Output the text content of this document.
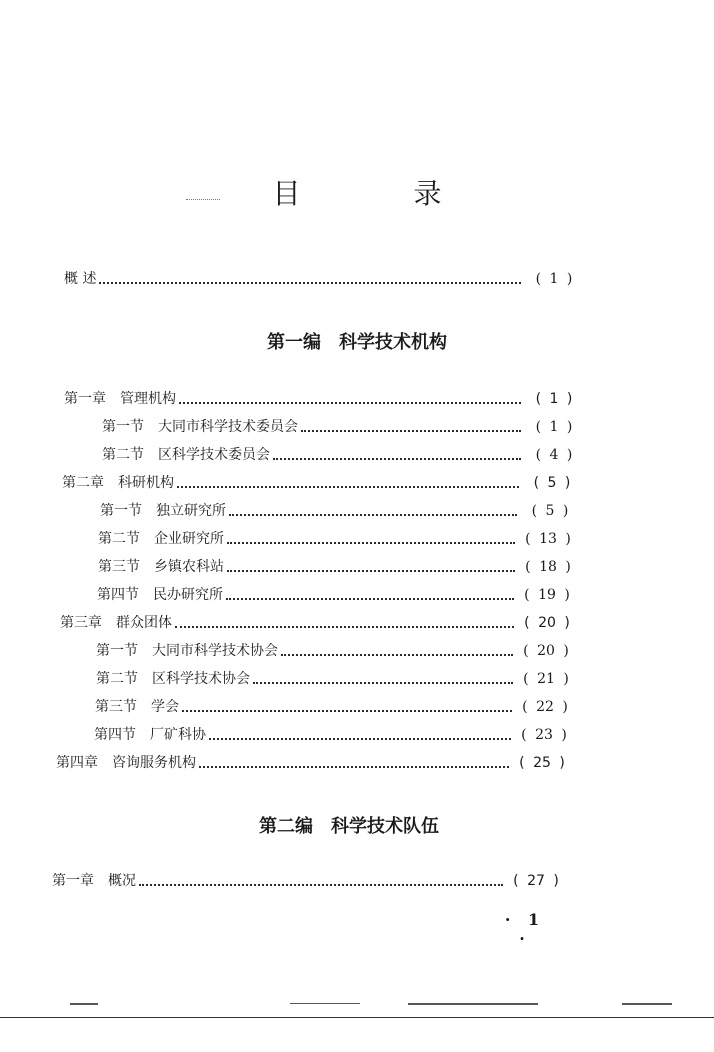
目 录
概 述	( 1 )
第一编 科学技术机构
第一章 管理机构	( 1 )
第一节 大同市科学技术委员会	( 1 )
第二节 区科学技术委员会	( 4 )
第二章 科研机构	( 5 )
第一节 独立研究所	( 5 )
第二节 企业研究所	( 13 )
第三节 乡镇农科站	( 18 )
第四节 民办研究所	( 19 )
第三章 群众团体	( 20 )
第一节 大同市科学技术协会	( 20 )
第二节 区科学技术协会	( 21 )
第三节 学会	( 22 )
第四节 厂矿科协	( 23 )
第四章 咨询服务机构	( 25 )
第二编 科学技术队伍
第一章 概况	( 27 )
· 1 ·
